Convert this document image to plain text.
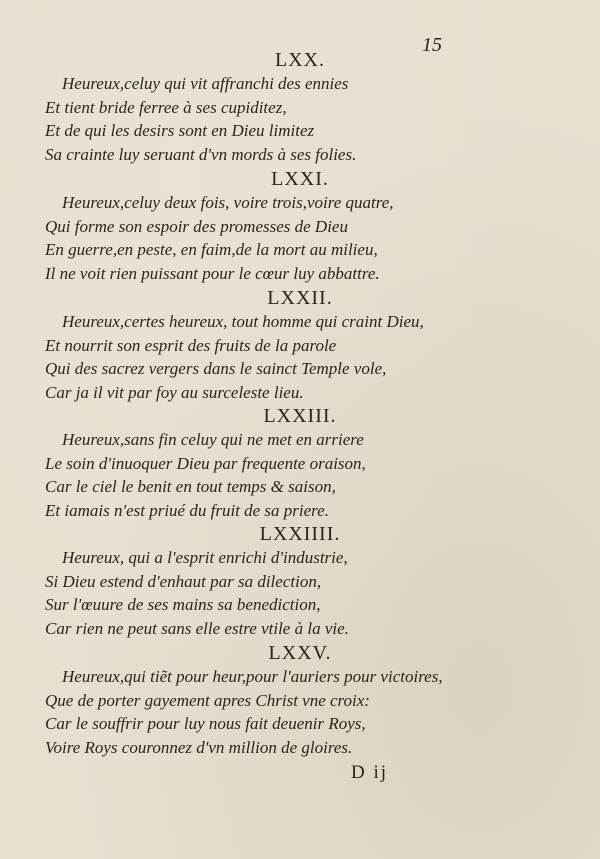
15
LXX.
Heureux,celuy qui vit affranchi des ennies
Et tient bride ferree à ses cupiditez,
Et de qui les desirs sont en Dieu limitez
Sa crainte luy seruant d'vn mords à ses folies.
LXXI.
Heureux,celuy deux fois, voire trois,voire quatre,
Qui forme son espoir des promesses de Dieu
En guerre,en peste, en faim,de la mort au milieu,
Il ne voit rien puissant pour le cœur luy abbattre.
LXXII.
Heureux,certes heureux, tout homme qui craint Dieu,
Et nourrit son esprit des fruits de la parole
Qui des sacrez vergers dans le sainct Temple vole,
Car ja il vit par foy au surceleste lieu.
LXXIII.
Heureux,sans fin celuy qui ne met en arriere
Le soin d'inuoquer Dieu par frequente oraison,
Car le ciel le benit en tout temps & saison,
Et iamais n'est priué du fruit de sa priere.
LXXIIII.
Heureux, qui a l'esprit enrichi d'industrie,
Si Dieu estend d'enhaut par sa dilection,
Sur l'œuure de ses mains sa benediction,
Car rien ne peut sans elle estre vtile à la vie.
LXXV.
Heureux,qui tiẽt pour heur,pour l'auriers pour victoires,
Que de porter gayement apres Christ vne croix:
Car le souffrir pour luy nous fait deuenir Roys,
Voire Roys couronnez d'vn million de gloires.
D ij
